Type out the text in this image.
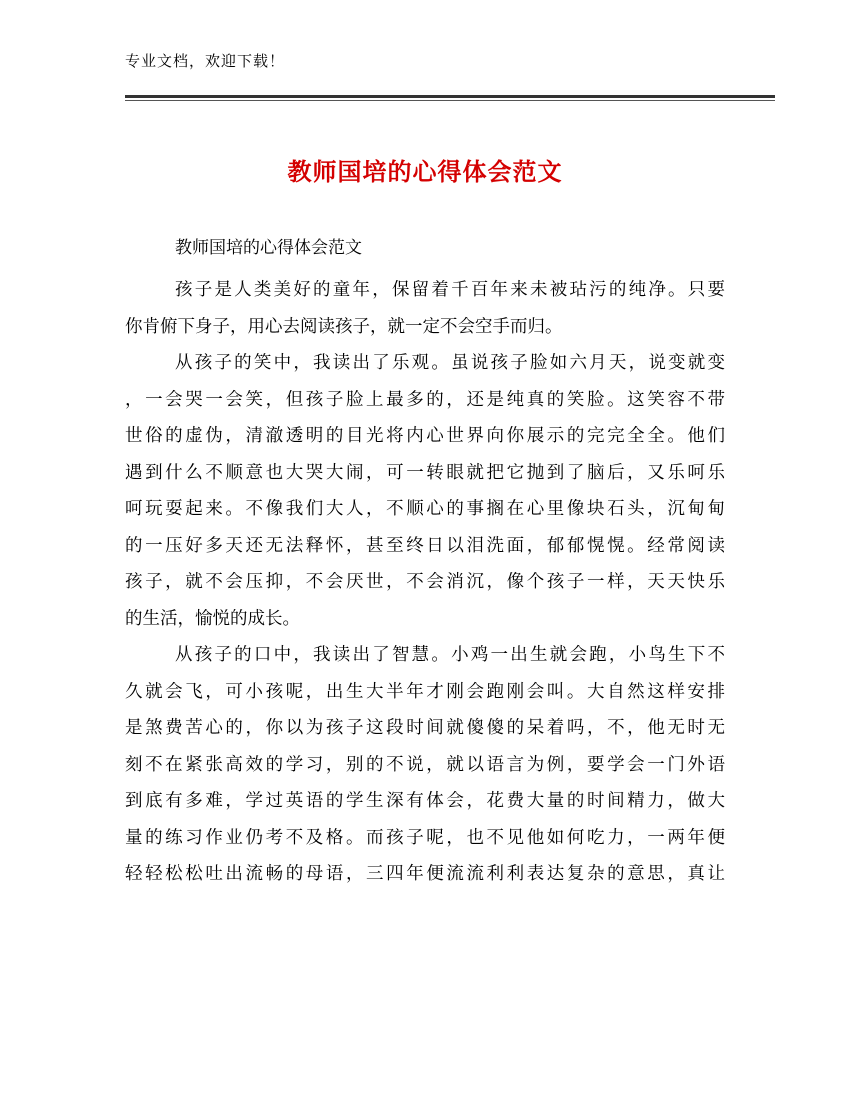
专业文档，欢迎下载！
教师国培的心得体会范文
教师国培的心得体会范文
孩子是人类美好的童年，保留着千百年来未被玷污的纯净。只要
你肯俯下身子，用心去阅读孩子，就一定不会空手而归。
从孩子的笑中，我读出了乐观。虽说孩子脸如六月天，说变就变
，一会哭一会笑，但孩子脸上最多的，还是纯真的笑脸。这笑容不带
世俗的虚伪，清澈透明的目光将内心世界向你展示的完完全全。他们
遇到什么不顺意也大哭大闹，可一转眼就把它抛到了脑后，又乐呵乐
呵玩耍起来。不像我们大人，不顺心的事搁在心里像块石头，沉甸甸
的一压好多天还无法释怀，甚至终日以泪洗面，郁郁愰愰。经常阅读
孩子，就不会压抑，不会厌世，不会消沉，像个孩子一样，天天快乐
的生活，愉悦的成长。
从孩子的口中，我读出了智慧。小鸡一出生就会跑，小鸟生下不
久就会飞，可小孩呢，出生大半年才刚会跑刚会叫。大自然这样安排
是煞费苦心的，你以为孩子这段时间就傻傻的呆着吗，不，他无时无
刻不在紧张高效的学习，别的不说，就以语言为例，要学会一门外语
到底有多难，学过英语的学生深有体会，花费大量的时间精力，做大
量的练习作业仍考不及格。而孩子呢，也不见他如何吃力，一两年便
轻轻松松吐出流畅的母语，三四年便流流利利表达复杂的意思，真让
